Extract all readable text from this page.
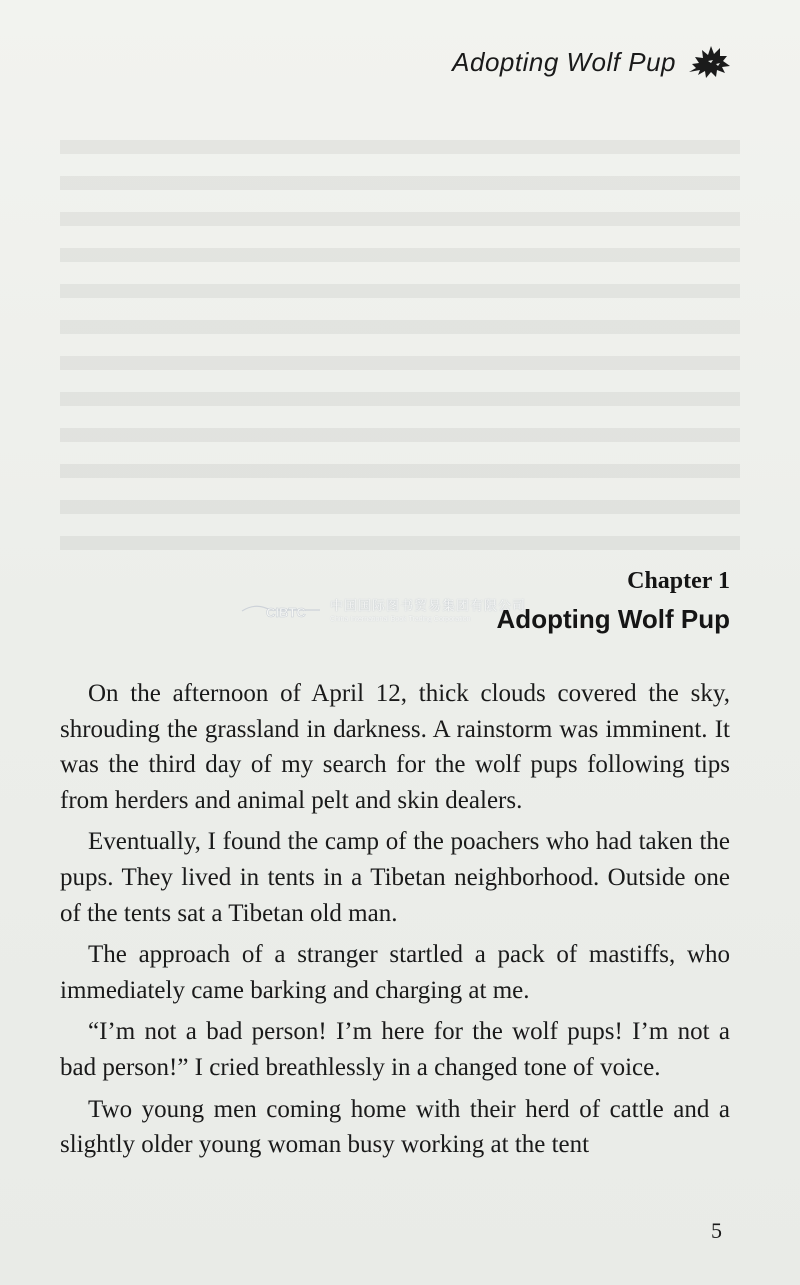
Adopting Wolf Pup
Chapter 1
CIBTC 中国国际图书贸易集团有限公司
China International Book Trading Corporation	Adopting Wolf Pup

On the afternoon of April 12, thick clouds covered the sky, shrouding the grassland in darkness. A rainstorm was imminent. It was the third day of my search for the wolf pups following tips from herders and animal pelt and skin dealers.

Eventually, I found the camp of the poachers who had taken the pups. They lived in tents in a Tibetan neighborhood. Outside one of the tents sat a Tibetan old man.

The approach of a stranger startled a pack of mastiffs, who immediately came barking and charging at me.

“I’m not a bad person! I’m here for the wolf pups! I’m not a bad person!” I cried breathlessly in a changed tone of voice.

Two young men coming home with their herd of cattle and a slightly older young woman busy working at the tent

5
